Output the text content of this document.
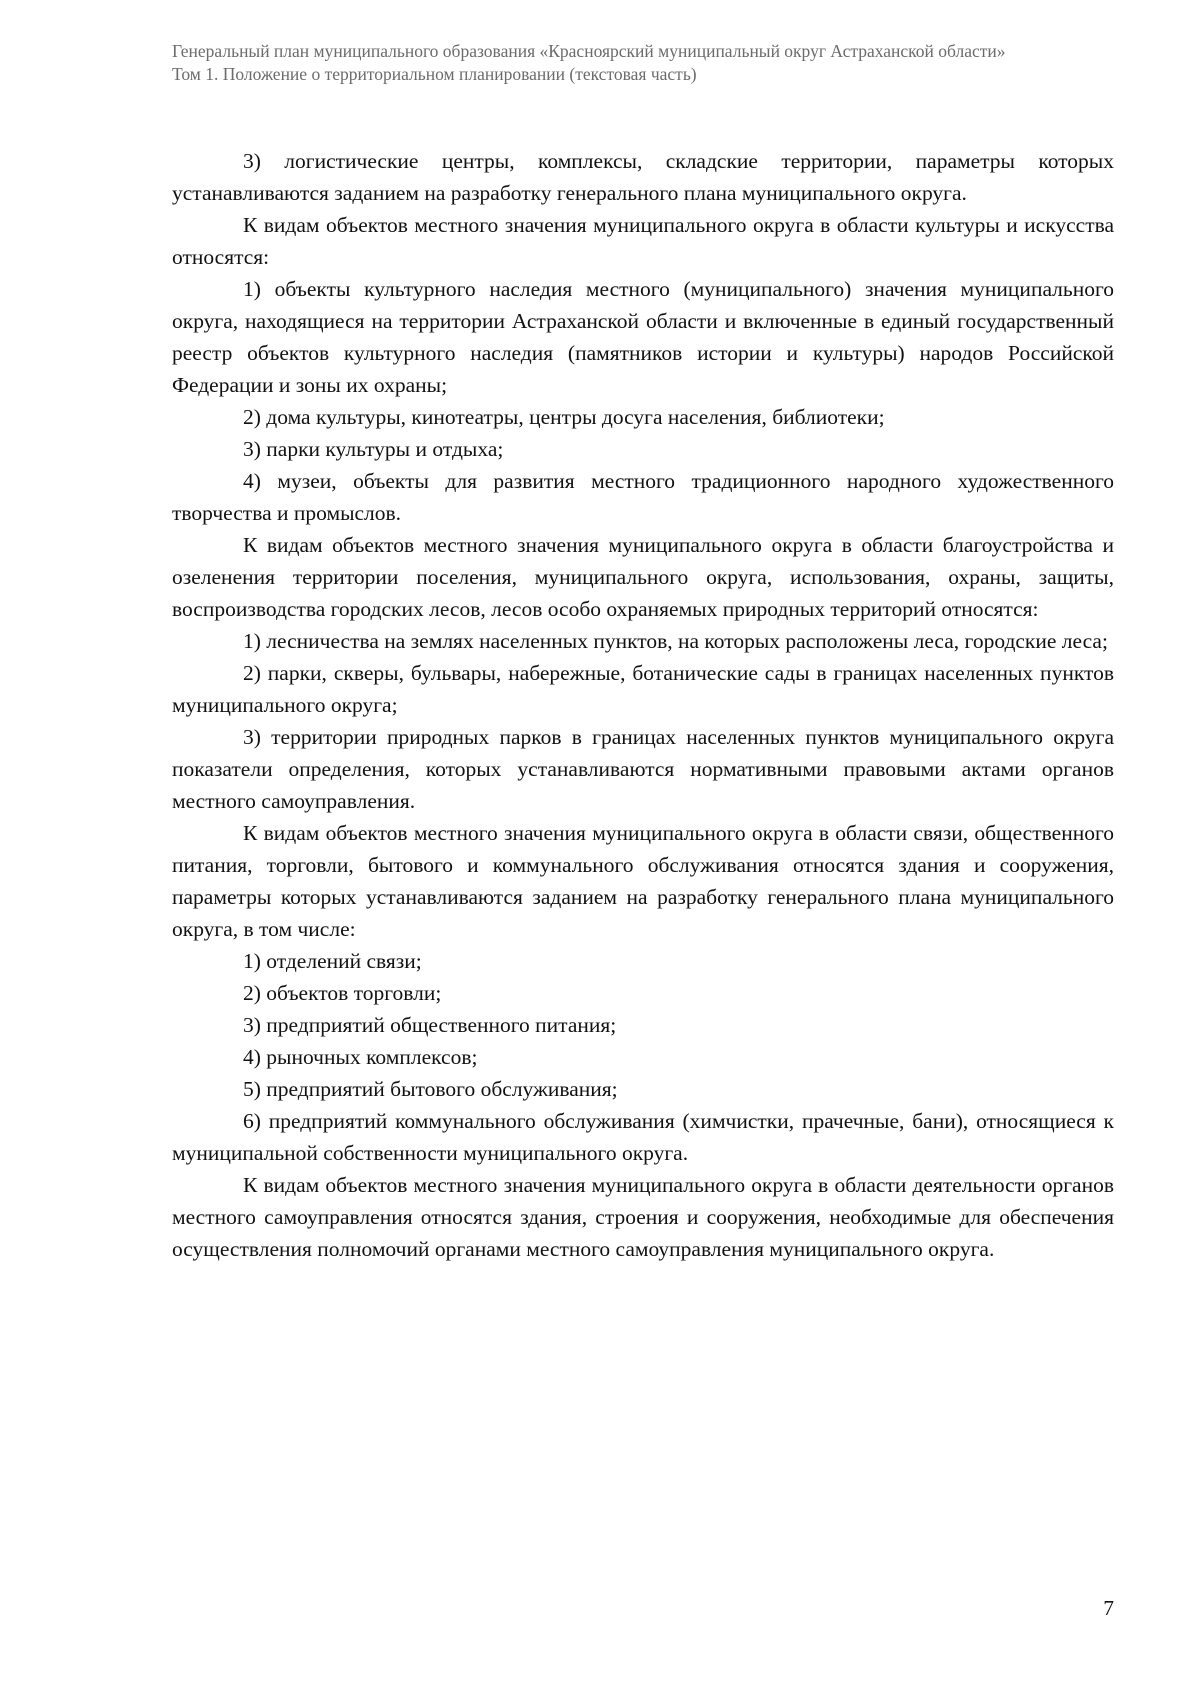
Генеральный план муниципального образования «Красноярский муниципальный округ Астраханской области»
Том 1. Положение о территориальном планировании (текстовая часть)

3) логистические центры, комплексы, складские территории, параметры которых устанавливаются заданием на разработку генерального плана муниципального округа.

К видам объектов местного значения муниципального округа в области культуры и искусства относятся:

1) объекты культурного наследия местного (муниципального) значения муниципального округа, находящиеся на территории Астраханской области и включенные в единый государственный реестр объектов культурного наследия (памятников истории и культуры) народов Российской Федерации и зоны их охраны;

2) дома культуры, кинотеатры, центры досуга населения, библиотеки;

3) парки культуры и отдыха;

4) музеи, объекты для развития местного традиционного народного художественного творчества и промыслов.

К видам объектов местного значения муниципального округа в области благоустройства и озеленения территории поселения, муниципального округа, использования, охраны, защиты, воспроизводства городских лесов, лесов особо охраняемых природных территорий относятся:

1) лесничества на землях населенных пунктов, на которых расположены леса, городские леса;

2) парки, скверы, бульвары, набережные, ботанические сады в границах населенных пунктов муниципального округа;

3) территории природных парков в границах населенных пунктов муниципального округа показатели определения, которых устанавливаются нормативными правовыми актами органов местного самоуправления.

К видам объектов местного значения муниципального округа в области связи, общественного питания, торговли, бытового и коммунального обслуживания относятся здания и сооружения, параметры которых устанавливаются заданием на разработку генерального плана муниципального округа, в том числе:

1) отделений связи;

2) объектов торговли;

3) предприятий общественного питания;

4) рыночных комплексов;

5) предприятий бытового обслуживания;

6) предприятий коммунального обслуживания (химчистки, прачечные, бани), относящиеся к муниципальной собственности муниципального округа.

К видам объектов местного значения муниципального округа в области деятельности органов местного самоуправления относятся здания, строения и сооружения, необходимые для обеспечения осуществления полномочий органами местного самоуправления муниципального округа.

7
